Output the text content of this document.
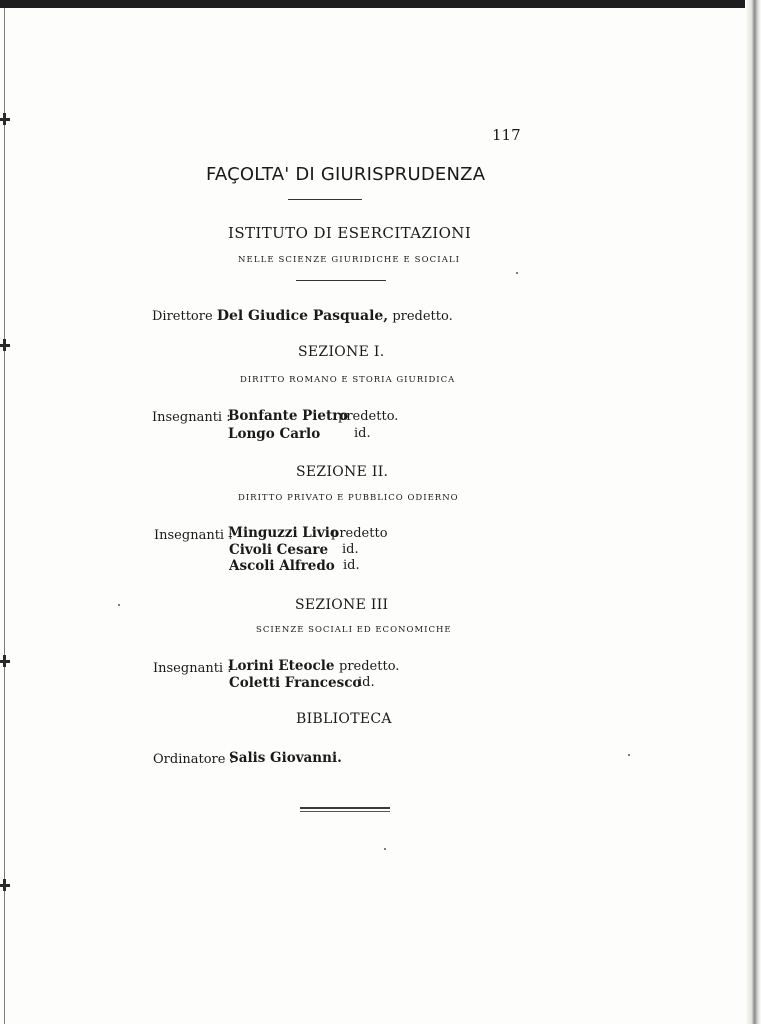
117
FAÇOLTA' DI GIURISPRUDENZA
ISTITUTO DI ESERCITAZIONI
NELLE SCIENZE GIURIDICHE E SOCIALI
Direttore Del Giudice Pasquale, predetto.
SEZIONE I.
DIRITTO ROMANO E STORIA GIURIDICA
Insegnanti :
Bonfante Pietro
predetto.
Longo Carlo	id.
SEZIONE II.
DIRITTO PRIVATO E PUBBLICO ODIERNO
Insegnanti :
Minguzzi Livio
predetto
Civoli Cesare id.
Ascoli Alfredo id.
SEZIONE III
SCIENZE SOCIALI ED ECONOMICHE
Insegnanti :
Lorini Eteocle predetto.
Coletti Francesco
id.
BIBLIOTECA
Ordinatore :
Salis Giovanni.
